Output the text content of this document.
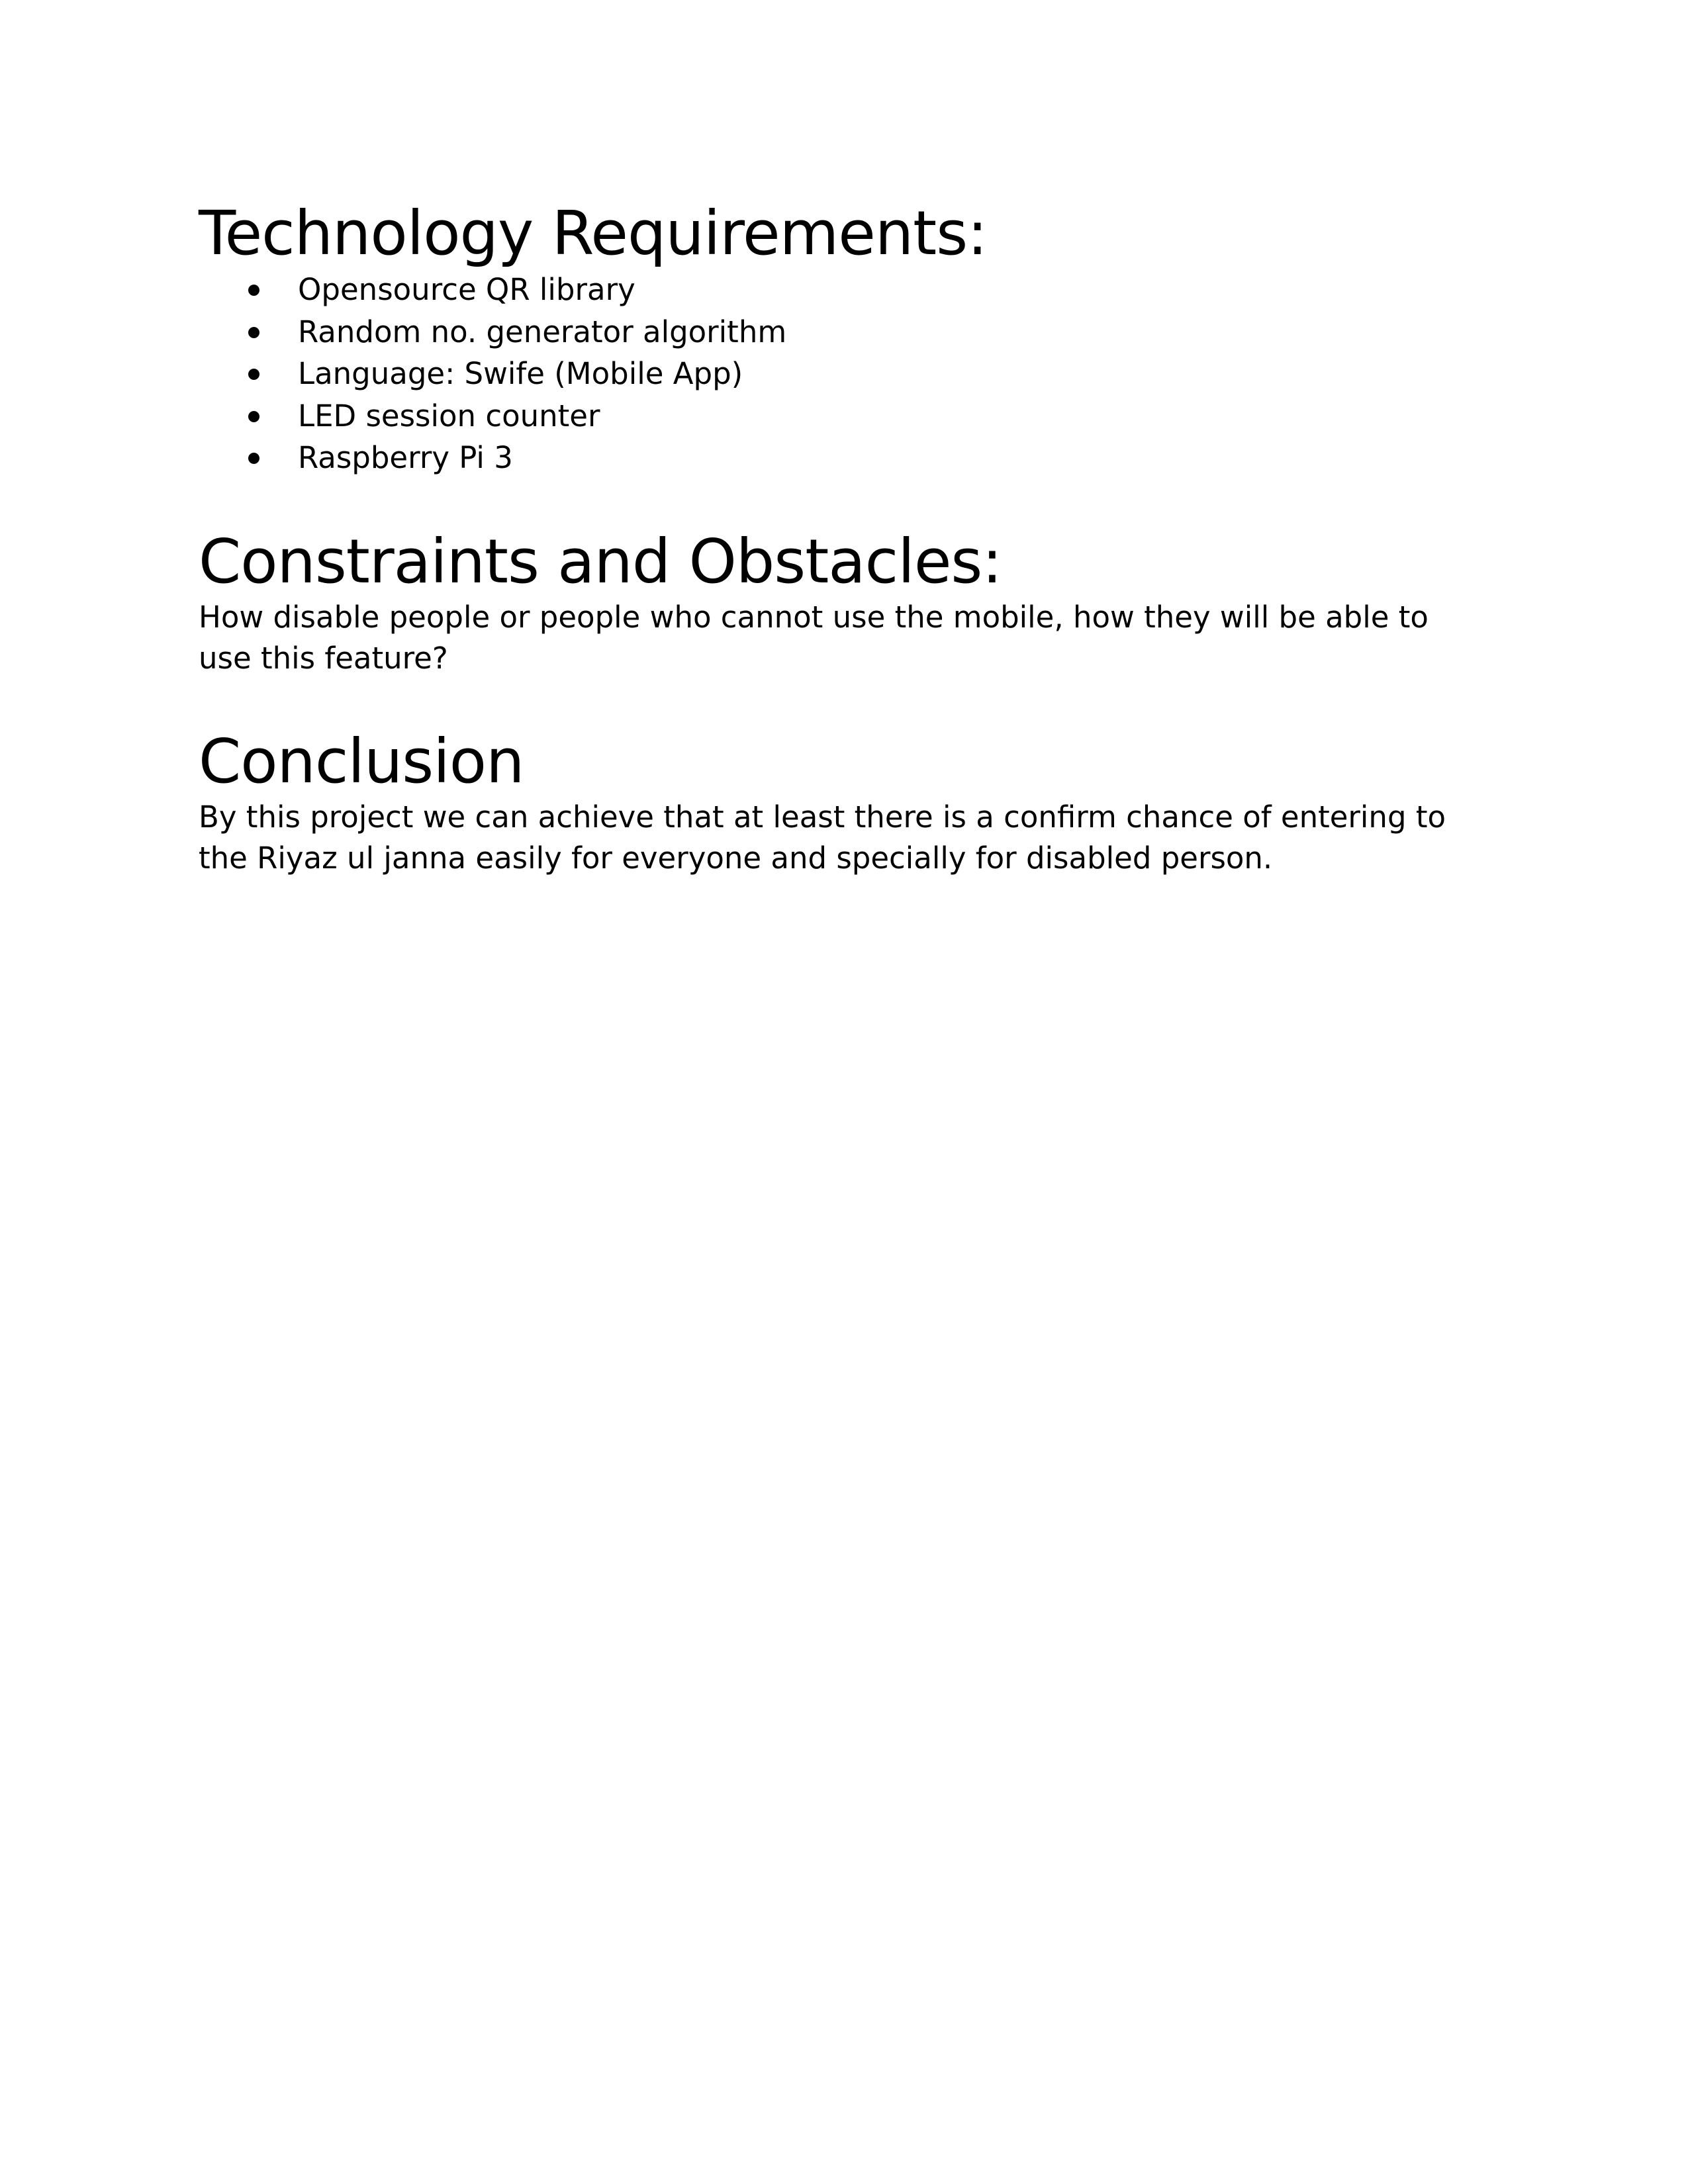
Technology Requirements:
Opensource QR library
Random no. generator algorithm
Language: Swife (Mobile App)
LED session counter
Raspberry Pi 3
Constraints and Obstacles:

How disable people or people who cannot use the mobile, how they will be able to use this feature?

Conclusion

By this project we can achieve that at least there is a confirm chance of entering to the Riyaz ul janna easily for everyone and specially for disabled person.
